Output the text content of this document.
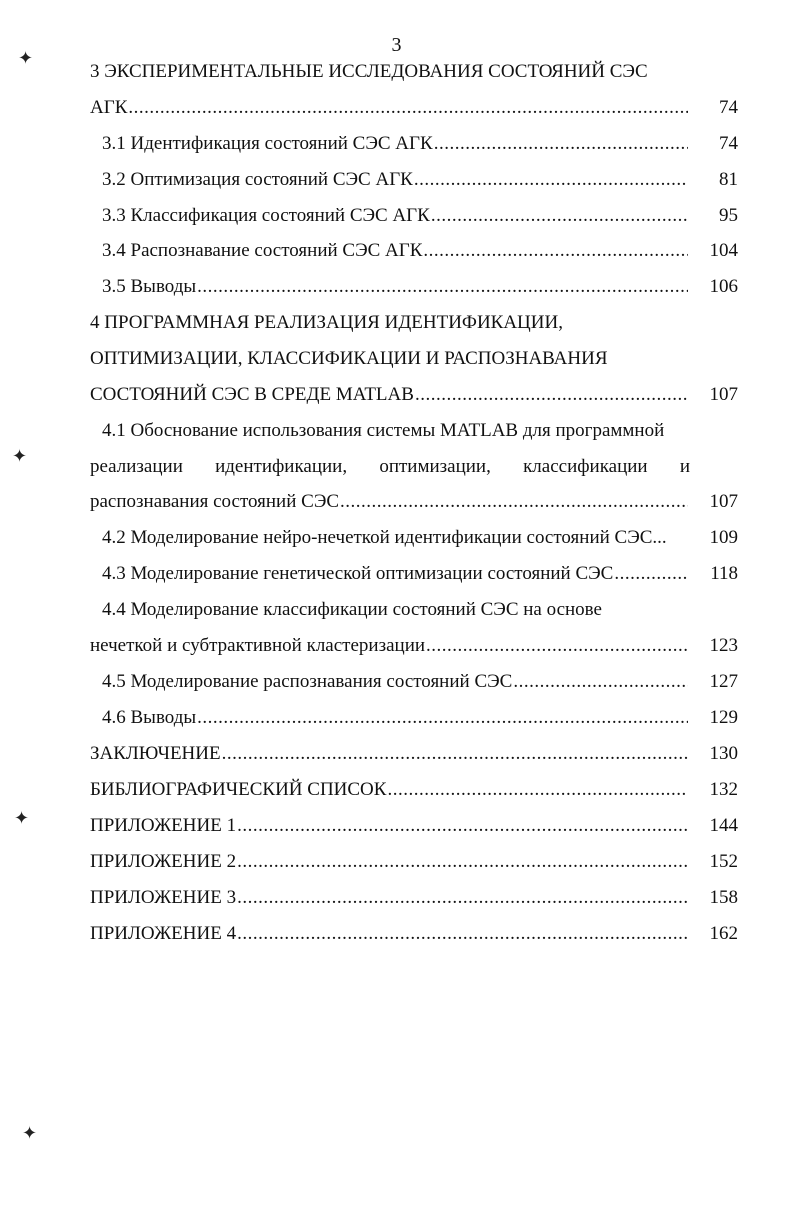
3
✦
✦
✦
✦
3 ЭКСПЕРИМЕНТАЛЬНЫЕ ИССЛЕДОВАНИЯ СОСТОЯНИЙ СЭС
АГК .....	74
3.1 Идентификация состояний СЭС АГК .....	74
3.2 Оптимизация состояний СЭС АГК .....	81
3.3 Классификация состояний СЭС АГК .....	95
3.4 Распознавание состояний СЭС АГК .....	104
3.5 Выводы .....	106
4 ПРОГРАММНАЯ РЕАЛИЗАЦИЯ ИДЕНТИФИКАЦИИ,
ОПТИМИЗАЦИИ, КЛАССИФИКАЦИИ И РАСПОЗНАВАНИЯ
СОСТОЯНИЙ СЭС В СРЕДЕ MATLAB .....	107
4.1 Обоснование использования системы MATLAB для программной
реализации идентификации, оптимизации, классификации и
распознавания состояний СЭС .....	107
4.2 Моделирование нейро-нечеткой идентификации состояний СЭС...	109
4.3 Моделирование генетической оптимизации состояний СЭС .....	118
4.4 Моделирование классификации состояний СЭС на основе
нечеткой и субтрактивной кластеризации .....	123
4.5 Моделирование распознавания состояний СЭС .....	127
4.6 Выводы .....	129
ЗАКЛЮЧЕНИЕ .....	130
БИБЛИОГРАФИЧЕСКИЙ СПИСОК .....	132
ПРИЛОЖЕНИЕ 1 .....	144
ПРИЛОЖЕНИЕ 2 .....	152
ПРИЛОЖЕНИЕ 3 .....	158
ПРИЛОЖЕНИЕ 4 .....	162
